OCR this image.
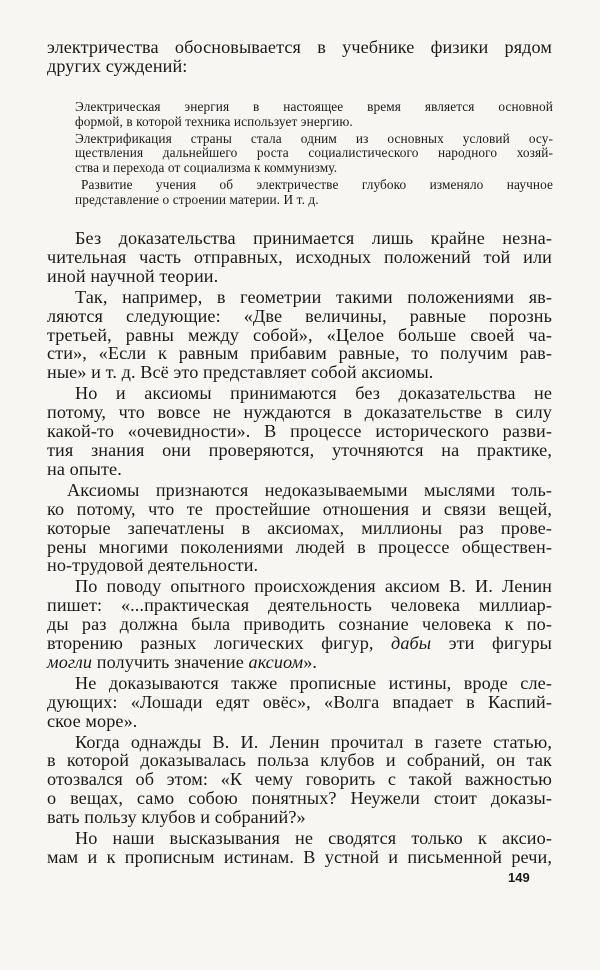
электричества обосновывается в учебнике физики рядом
других суждений:
Электрическая энергия в настоящее время является основной
формой, в которой техника использует энергию.
Электрификация страны стала одним из основных условий осу-
ществления дальнейшего роста социалистического народного хозяй-
ства и перехода от социализма к коммунизму.
Развитие учения об электричестве глубоко изменяло научное
представление о строении материи. И т. д.
Без доказательства принимается лишь крайне незна-
чительная часть отправных, исходных положений той или
иной научной теории.
Так, например, в геометрии такими положениями яв-
ляются следующие: «Две величины, равные порознь
третьей, равны между собой», «Целое больше своей ча-
сти», «Если к равным прибавим равные, то получим рав-
ные» и т. д. Всё это представляет собой аксиомы.
Но и аксиомы принимаются без доказательства не
потому, что вовсе не нуждаются в доказательстве в силу
какой-то «очевидности». В процессе исторического разви-
тия знания они проверяются, уточняются на практике,
на опыте.
Аксиомы признаются недоказываемыми мыслями толь-
ко потому, что те простейшие отношения и связи вещей,
которые запечатлены в аксиомах, миллионы раз прове-
рены многими поколениями людей в процессе обществен-
но-трудовой деятельности.
По поводу опытного происхождения аксиом В. И. Ленин
пишет: «...практическая деятельность человека миллиар-
ды раз должна была приводить сознание человека к по-
вторению разных логических фигур, дабы эти фигуры
могли получить значение аксиом».
Не доказываются также прописные истины, вроде сле-
дующих: «Лошади едят овёс», «Волга впадает в Каспий-
ское море».
Когда однажды В. И. Ленин прочитал в газете статью,
в которой доказывалась польза клубов и собраний, он так
отозвался об этом: «К чему говорить с такой важностью
о вещах, само собою понятных? Неужели стоит доказы-
вать пользу клубов и собраний?»
Но наши высказывания не сводятся только к аксио-
мам и к прописным истинам. В устной и письменной речи,
149
